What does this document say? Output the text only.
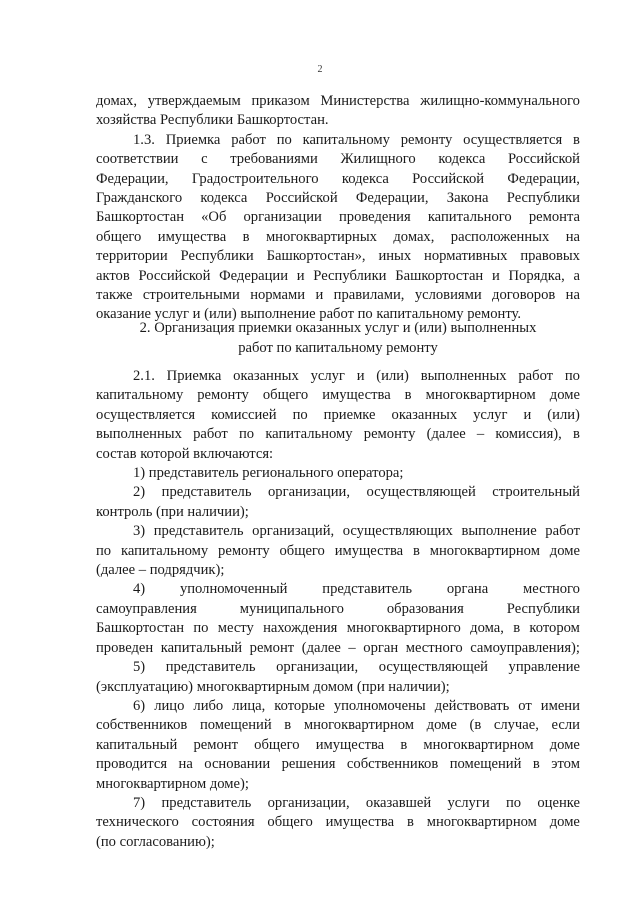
2
домах, утверждаемым приказом Министерства жилищно-коммунального
хозяйства Республики Башкортостан.
1.3. Приемка работ по капитальному ремонту осуществляется в
соответствии с требованиями Жилищного кодекса Российской
Федерации, Градостроительного кодекса Российской Федерации,
Гражданского кодекса Российской Федерации, Закона Республики
Башкортостан «Об организации проведения капитального ремонта
общего имущества в многоквартирных домах, расположенных на
территории Республики Башкортостан», иных нормативных правовых
актов Российской Федерации и Республики Башкортостан и Порядка, а
также строительными нормами и правилами, условиями договоров на
оказание услуг и (или) выполнение работ по капитальному ремонту.
2. Организация приемки оказанных услуг и (или) выполненных
работ по капитальному ремонту
2.1. Приемка оказанных услуг и (или) выполненных работ по
капитальному ремонту общего имущества в многоквартирном доме
осуществляется комиссией по приемке оказанных услуг и (или)
выполненных работ по капитальному ремонту (далее – комиссия), в
состав которой включаются:
1) представитель регионального оператора;
2) представитель организации, осуществляющей строительный
контроль (при наличии);
3) представитель организаций, осуществляющих выполнение работ
по капитальному ремонту общего имущества в многоквартирном доме
(далее – подрядчик);
4) уполномоченный представитель органа местного
самоуправления	муниципального	образования	Республики
Башкортостан по месту нахождения многоквартирного дома, в котором
проведен капитальный ремонт (далее – орган местного самоуправления);
5) представитель организации, осуществляющей управление
(эксплуатацию) многоквартирным домом (при наличии);
6) лицо либо лица, которые уполномочены действовать от имени
собственников помещений в многоквартирном доме (в случае, если
капитальный ремонт общего имущества в многоквартирном доме
проводится на основании решения собственников помещений в этом
многоквартирном доме);
7) представитель организации, оказавшей услуги по оценке
технического состояния общего имущества в многоквартирном доме
(по согласованию);
